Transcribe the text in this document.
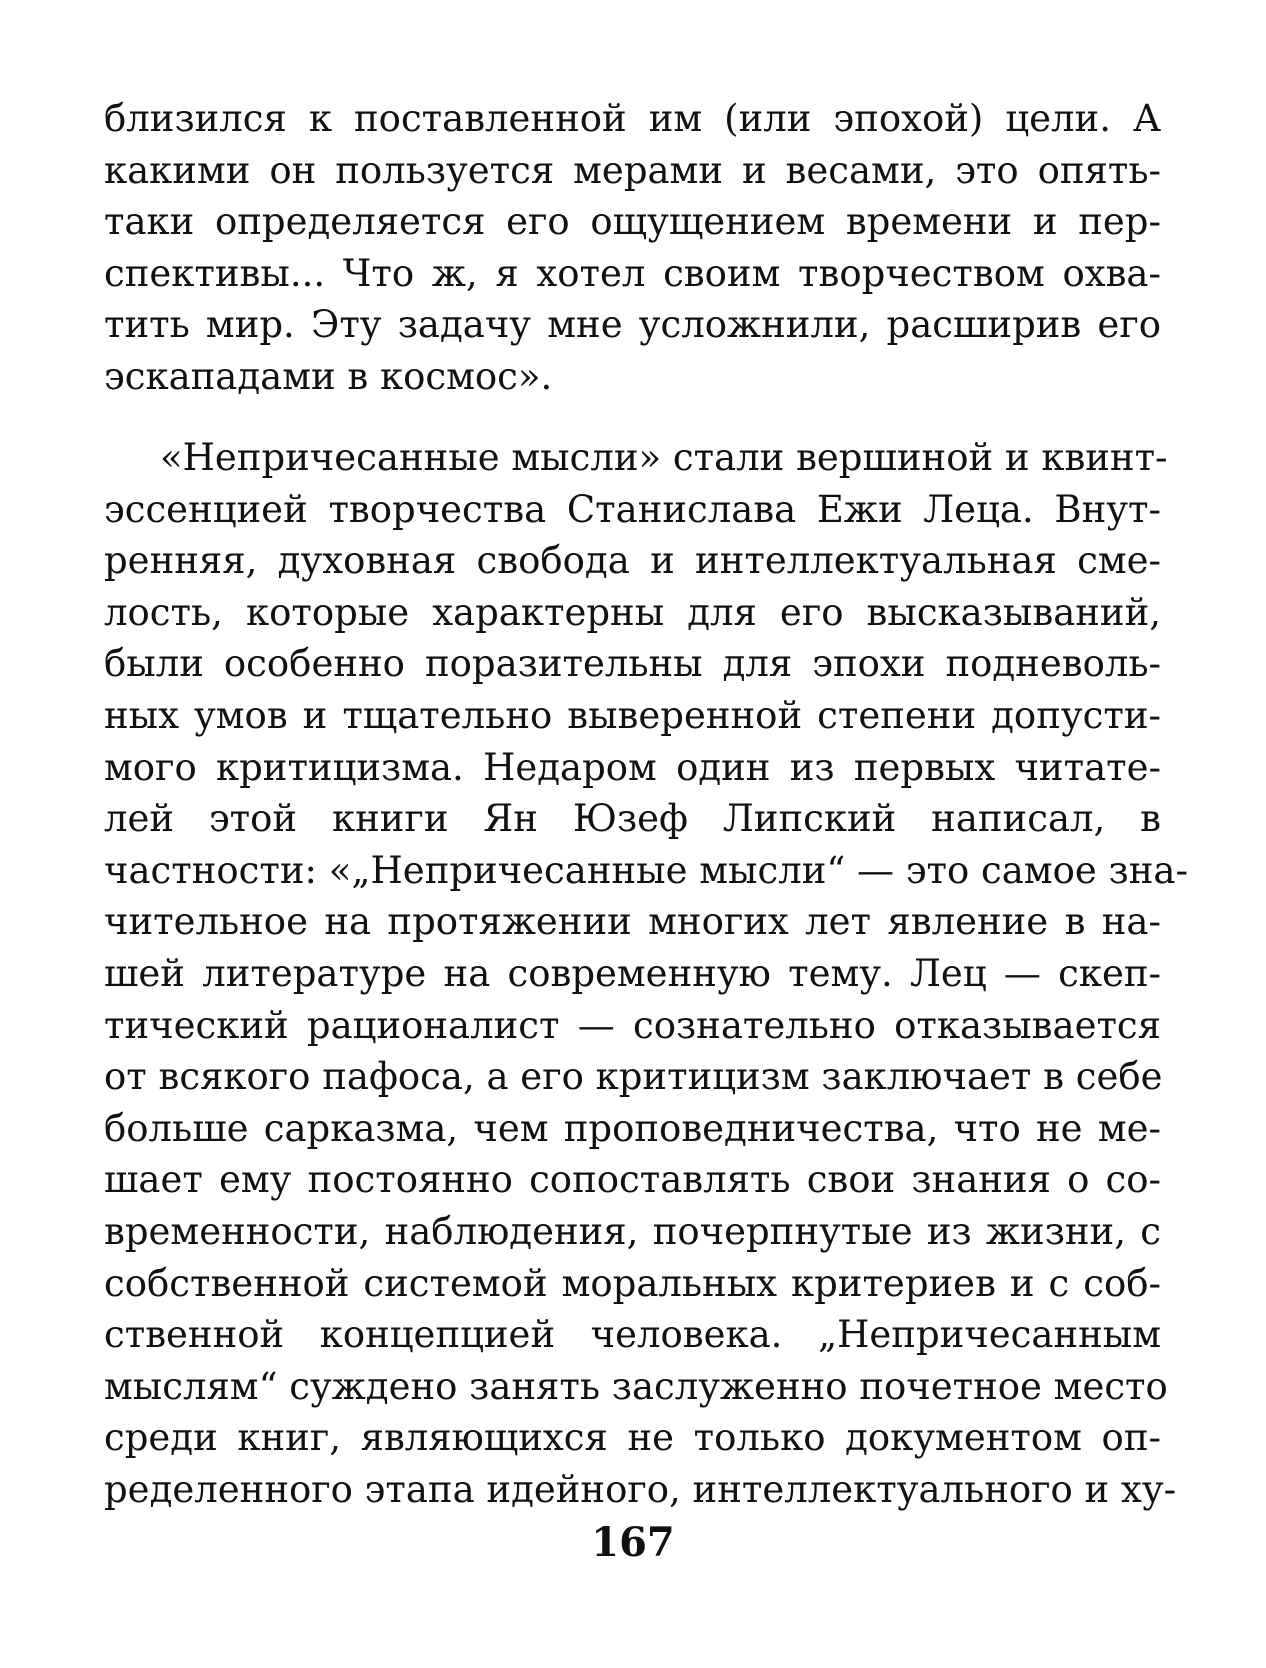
близился к поставленной им (или эпохой) цели. А
какими он пользуется мерами и весами, это опять-
таки определяется его ощущением времени и пер-
спективы... Что ж, я хотел своим творчеством охва-
тить мир. Эту задачу мне усложнили, расширив его
эскападами в космос».
«Непричесанные мысли» стали вершиной и квинт-
эссенцией творчества Станислава Ежи Леца. Внут-
ренняя, духовная свобода и интеллектуальная сме-
лость, которые характерны для его высказываний,
были особенно поразительны для эпохи подневоль-
ных умов и тщательно выверенной степени допусти-
мого критицизма. Недаром один из первых читате-
лей этой книги Ян Юзеф Липский написал, в
частности: «„Непричесанные мысли“ — это самое зна-
чительное на протяжении многих лет явление в на-
шей литературе на современную тему. Лец — скеп-
тический рационалист — сознательно отказывается
от всякого пафоса, а его критицизм заключает в себе
больше сарказма, чем проповедничества, что не ме-
шает ему постоянно сопоставлять свои знания о со-
временности, наблюдения, почерпнутые из жизни, с
собственной системой моральных критериев и с соб-
ственной концепцией человека. „Непричесанным
мыслям“ суждено занять заслуженно почетное место
среди книг, являющихся не только документом оп-
ределенного этапа идейного, интеллектуального и ху-
167
